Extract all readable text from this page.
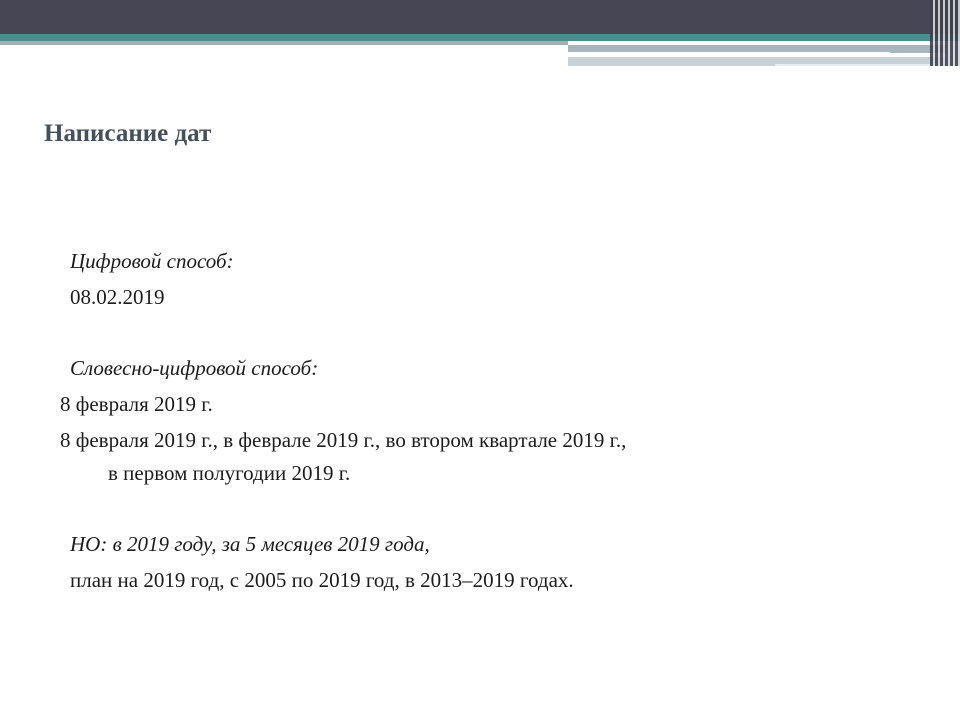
Написание дат

Цифровой способ:

08.02.2019

Словесно-цифровой способ:

8 февраля 2019 г.

8 февраля 2019 г., в феврале 2019 г., во втором квартале 2019 г.,

в первом полугодии 2019 г.

НО: в 2019 году, за 5 месяцев 2019 года,

план на 2019 год, с 2005 по 2019 год, в 2013–2019 годах.
